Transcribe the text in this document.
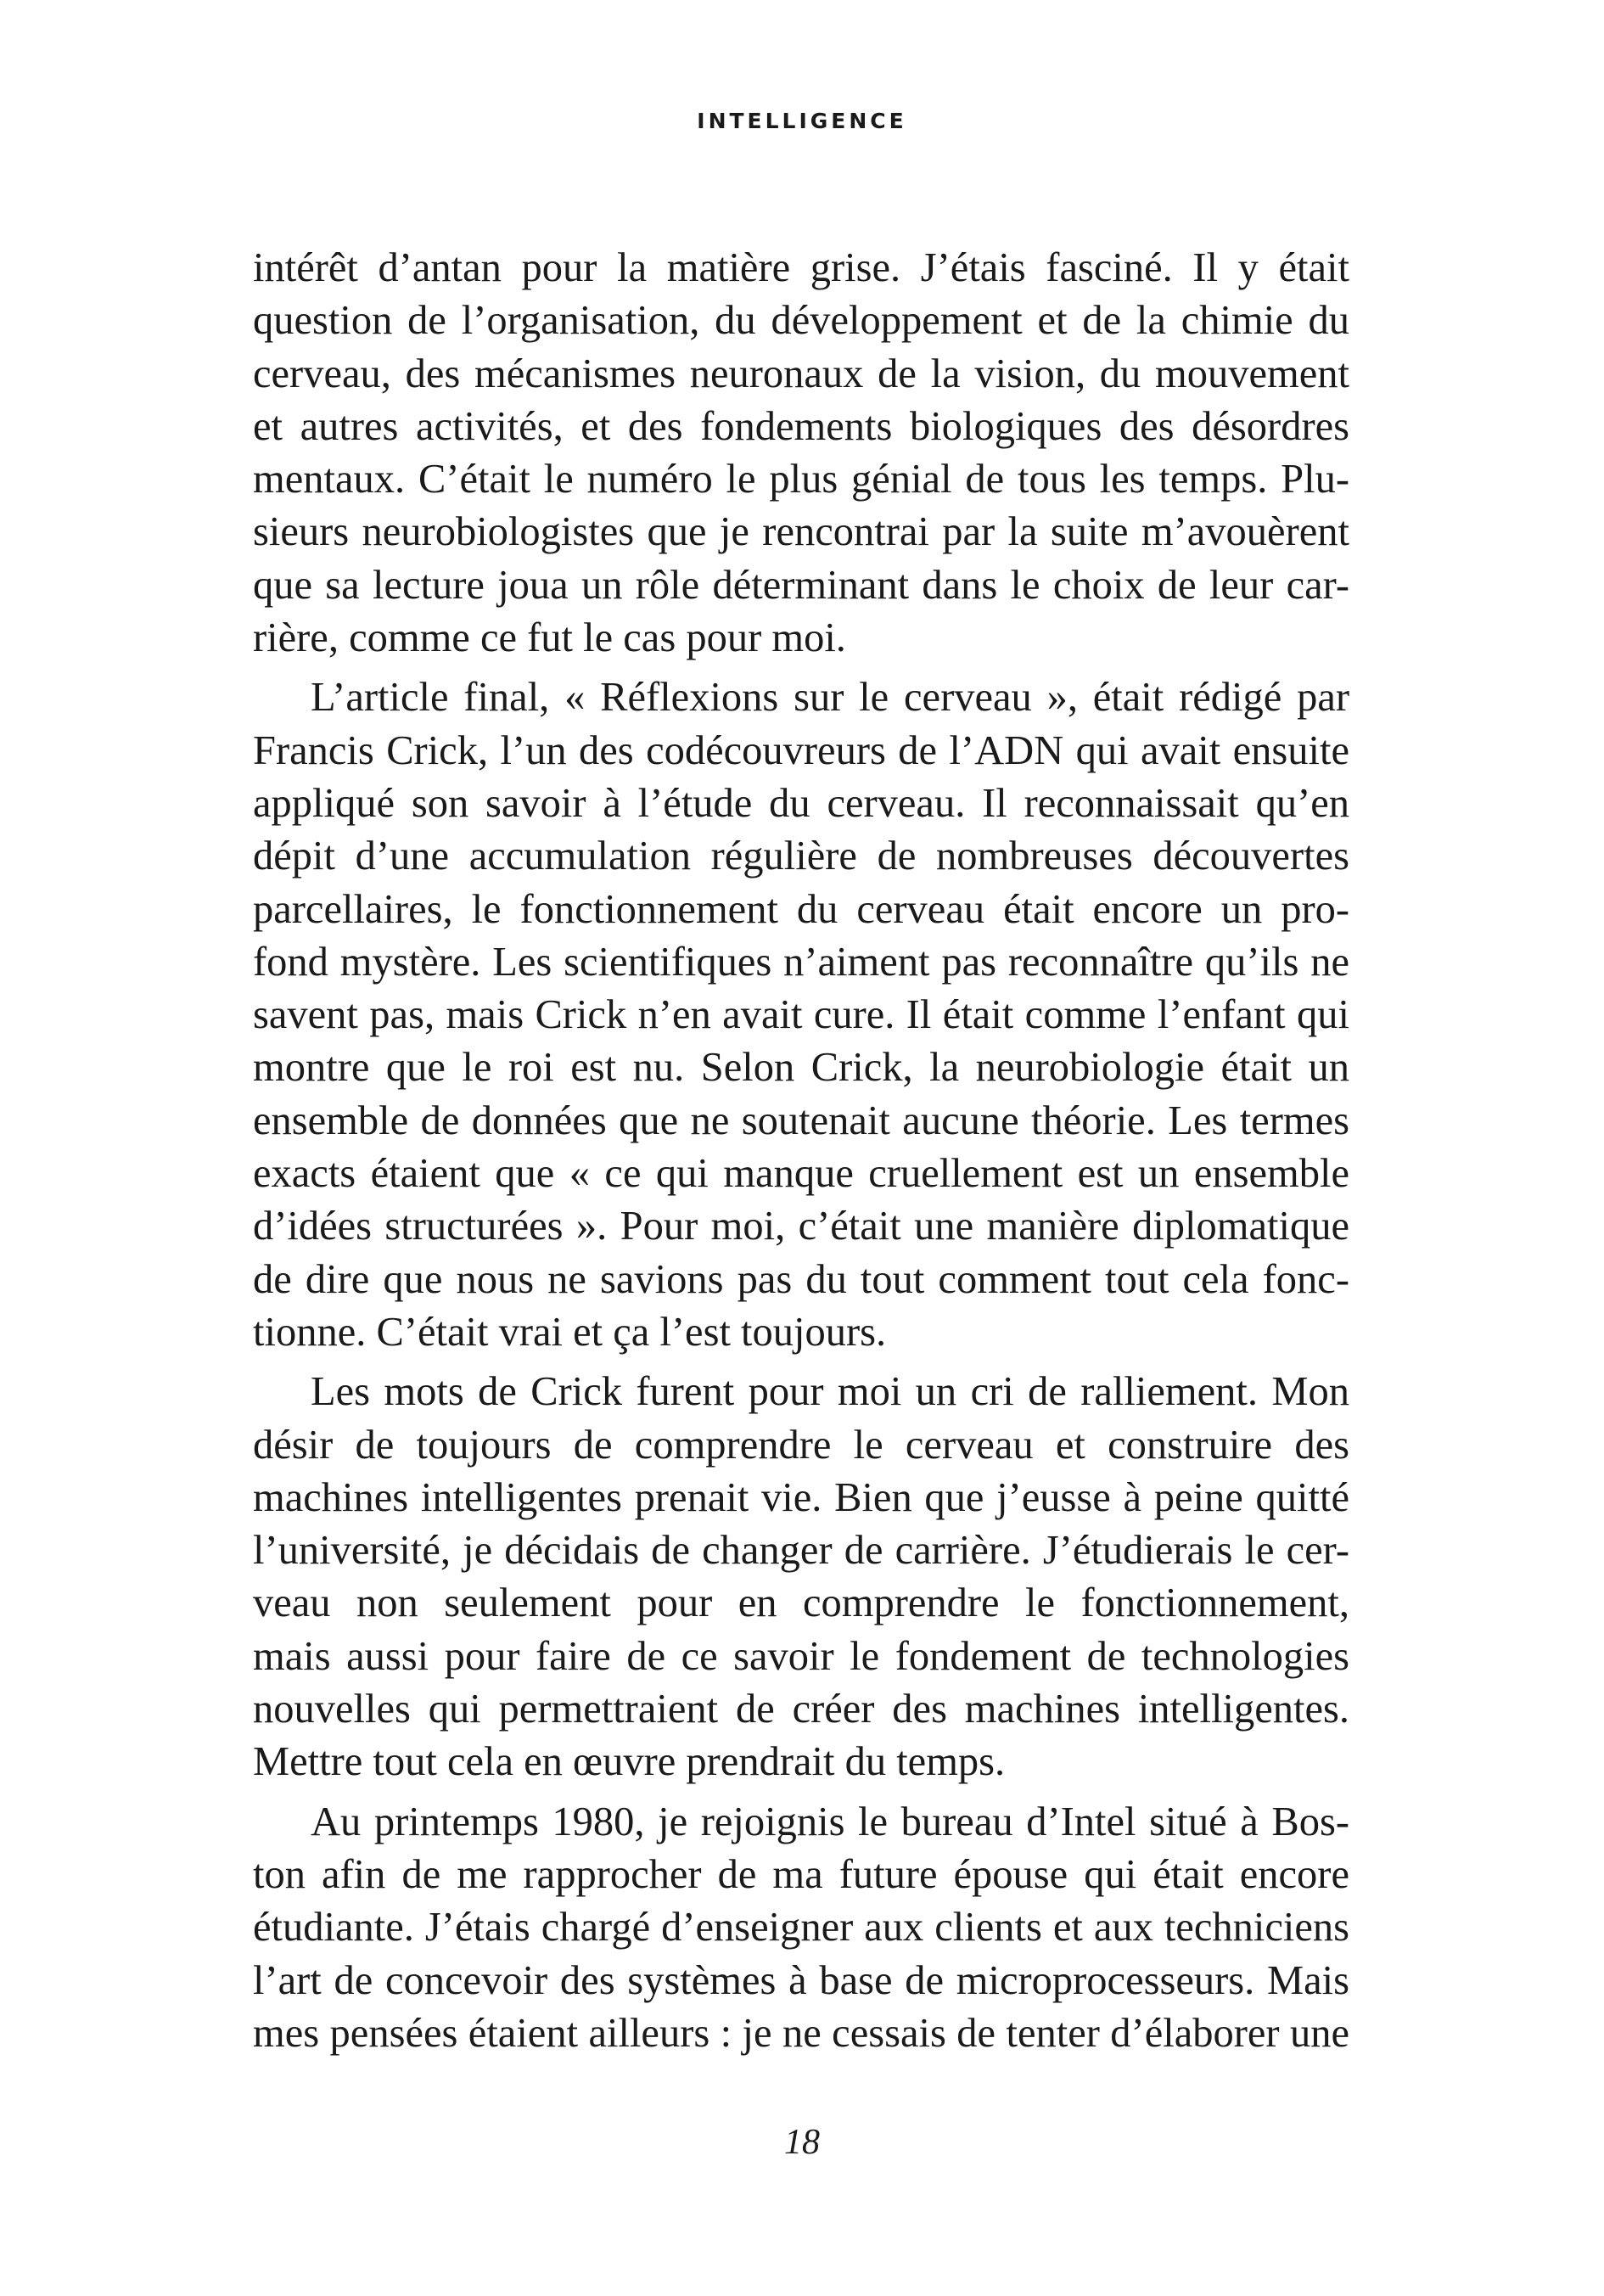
INTELLIGENCE
intérêt d’antan pour la matière grise. J’étais fasciné. Il y était
question de l’organisation, du développement et de la chimie du
cerveau, des mécanismes neuronaux de la vision, du mouvement
et autres activités, et des fondements biologiques des désordres
mentaux. C’était le numéro le plus génial de tous les temps. Plu-
sieurs neurobiologistes que je rencontrai par la suite m’avouèrent
que sa lecture joua un rôle déterminant dans le choix de leur car-
rière, comme ce fut le cas pour moi.
L’article final, « Réflexions sur le cerveau », était rédigé par
Francis Crick, l’un des codécouvreurs de l’ADN qui avait ensuite
appliqué son savoir à l’étude du cerveau. Il reconnaissait qu’en
dépit d’une accumulation régulière de nombreuses découvertes
parcellaires, le fonctionnement du cerveau était encore un pro-
fond mystère. Les scientifiques n’aiment pas reconnaître qu’ils ne
savent pas, mais Crick n’en avait cure. Il était comme l’enfant qui
montre que le roi est nu. Selon Crick, la neurobiologie était un
ensemble de données que ne soutenait aucune théorie. Les termes
exacts étaient que « ce qui manque cruellement est un ensemble
d’idées structurées ». Pour moi, c’était une manière diplomatique
de dire que nous ne savions pas du tout comment tout cela fonc-
tionne. C’était vrai et ça l’est toujours.
Les mots de Crick furent pour moi un cri de ralliement. Mon
désir de toujours de comprendre le cerveau et construire des
machines intelligentes prenait vie. Bien que j’eusse à peine quitté
l’université, je décidais de changer de carrière. J’étudierais le cer-
veau non seulement pour en comprendre le fonctionnement,
mais aussi pour faire de ce savoir le fondement de technologies
nouvelles qui permettraient de créer des machines intelligentes.
Mettre tout cela en œuvre prendrait du temps.
Au printemps 1980, je rejoignis le bureau d’Intel situé à Bos-
ton afin de me rapprocher de ma future épouse qui était encore
étudiante. J’étais chargé d’enseigner aux clients et aux techniciens
l’art de concevoir des systèmes à base de microprocesseurs. Mais
mes pensées étaient ailleurs : je ne cessais de tenter d’élaborer une
18
